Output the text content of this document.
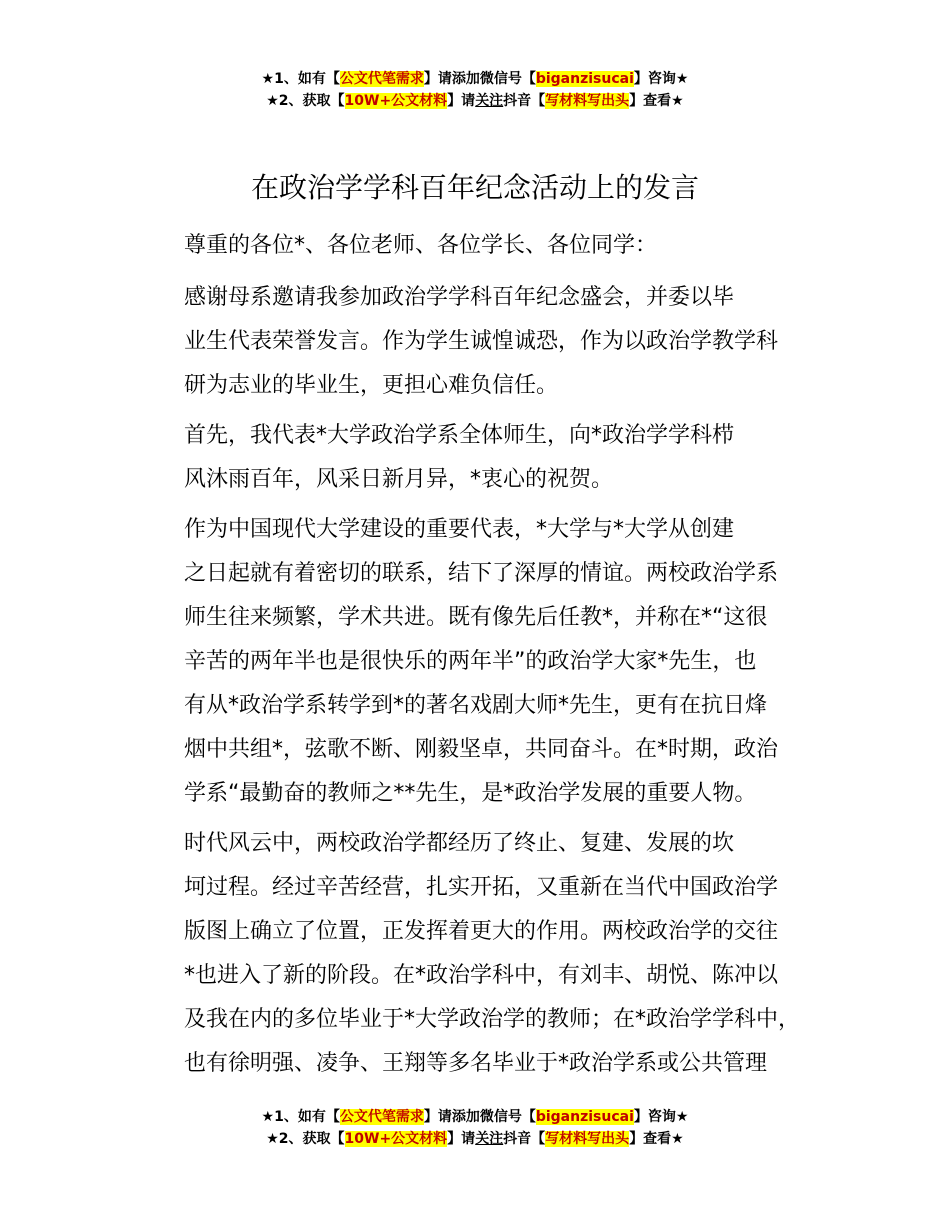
★1、如有【公文代笔需求】请添加微信号【biganzisucai】咨询★
★2、获取【10W+公文材料】请关注抖音【写材料写出头】查看★
在政治学学科百年纪念活动上的发言

尊重的各位*、各位老师、各位学长、各位同学：

感谢母系邀请我参加政治学学科百年纪念盛会，并委以毕
业生代表荣誉发言。作为学生诚惶诚恐，作为以政治学教学科
研为志业的毕业生，更担心难负信任。

首先，我代表*大学政治学系全体师生，向*政治学学科栉
风沐雨百年，风采日新月异，*衷心的祝贺。

作为中国现代大学建设的重要代表，*大学与*大学从创建
之日起就有着密切的联系，结下了深厚的情谊。两校政治学系
师生往来频繁，学术共进。既有像先后任教*，并称在*“这很
辛苦的两年半也是很快乐的两年半”的政治学大家*先生，也
有从*政治学系转学到*的著名戏剧大师*先生，更有在抗日烽
烟中共组*，弦歌不断、刚毅坚卓，共同奋斗。在*时期，政治
学系“最勤奋的教师之**先生，是*政治学发展的重要人物。

时代风云中，两校政治学都经历了终止、复建、发展的坎
坷过程。经过辛苦经营，扎实开拓，又重新在当代中国政治学
版图上确立了位置，正发挥着更大的作用。两校政治学的交往
*也进入了新的阶段。在*政治学科中，有刘丰、胡悦、陈冲以
及我在内的多位毕业于*大学政治学的教师；在*政治学学科中，
也有徐明强、凌争、王翔等多名毕业于*政治学系或公共管理

★1、如有【公文代笔需求】请添加微信号【biganzisucai】咨询★
★2、获取【10W+公文材料】请关注抖音【写材料写出头】查看★
